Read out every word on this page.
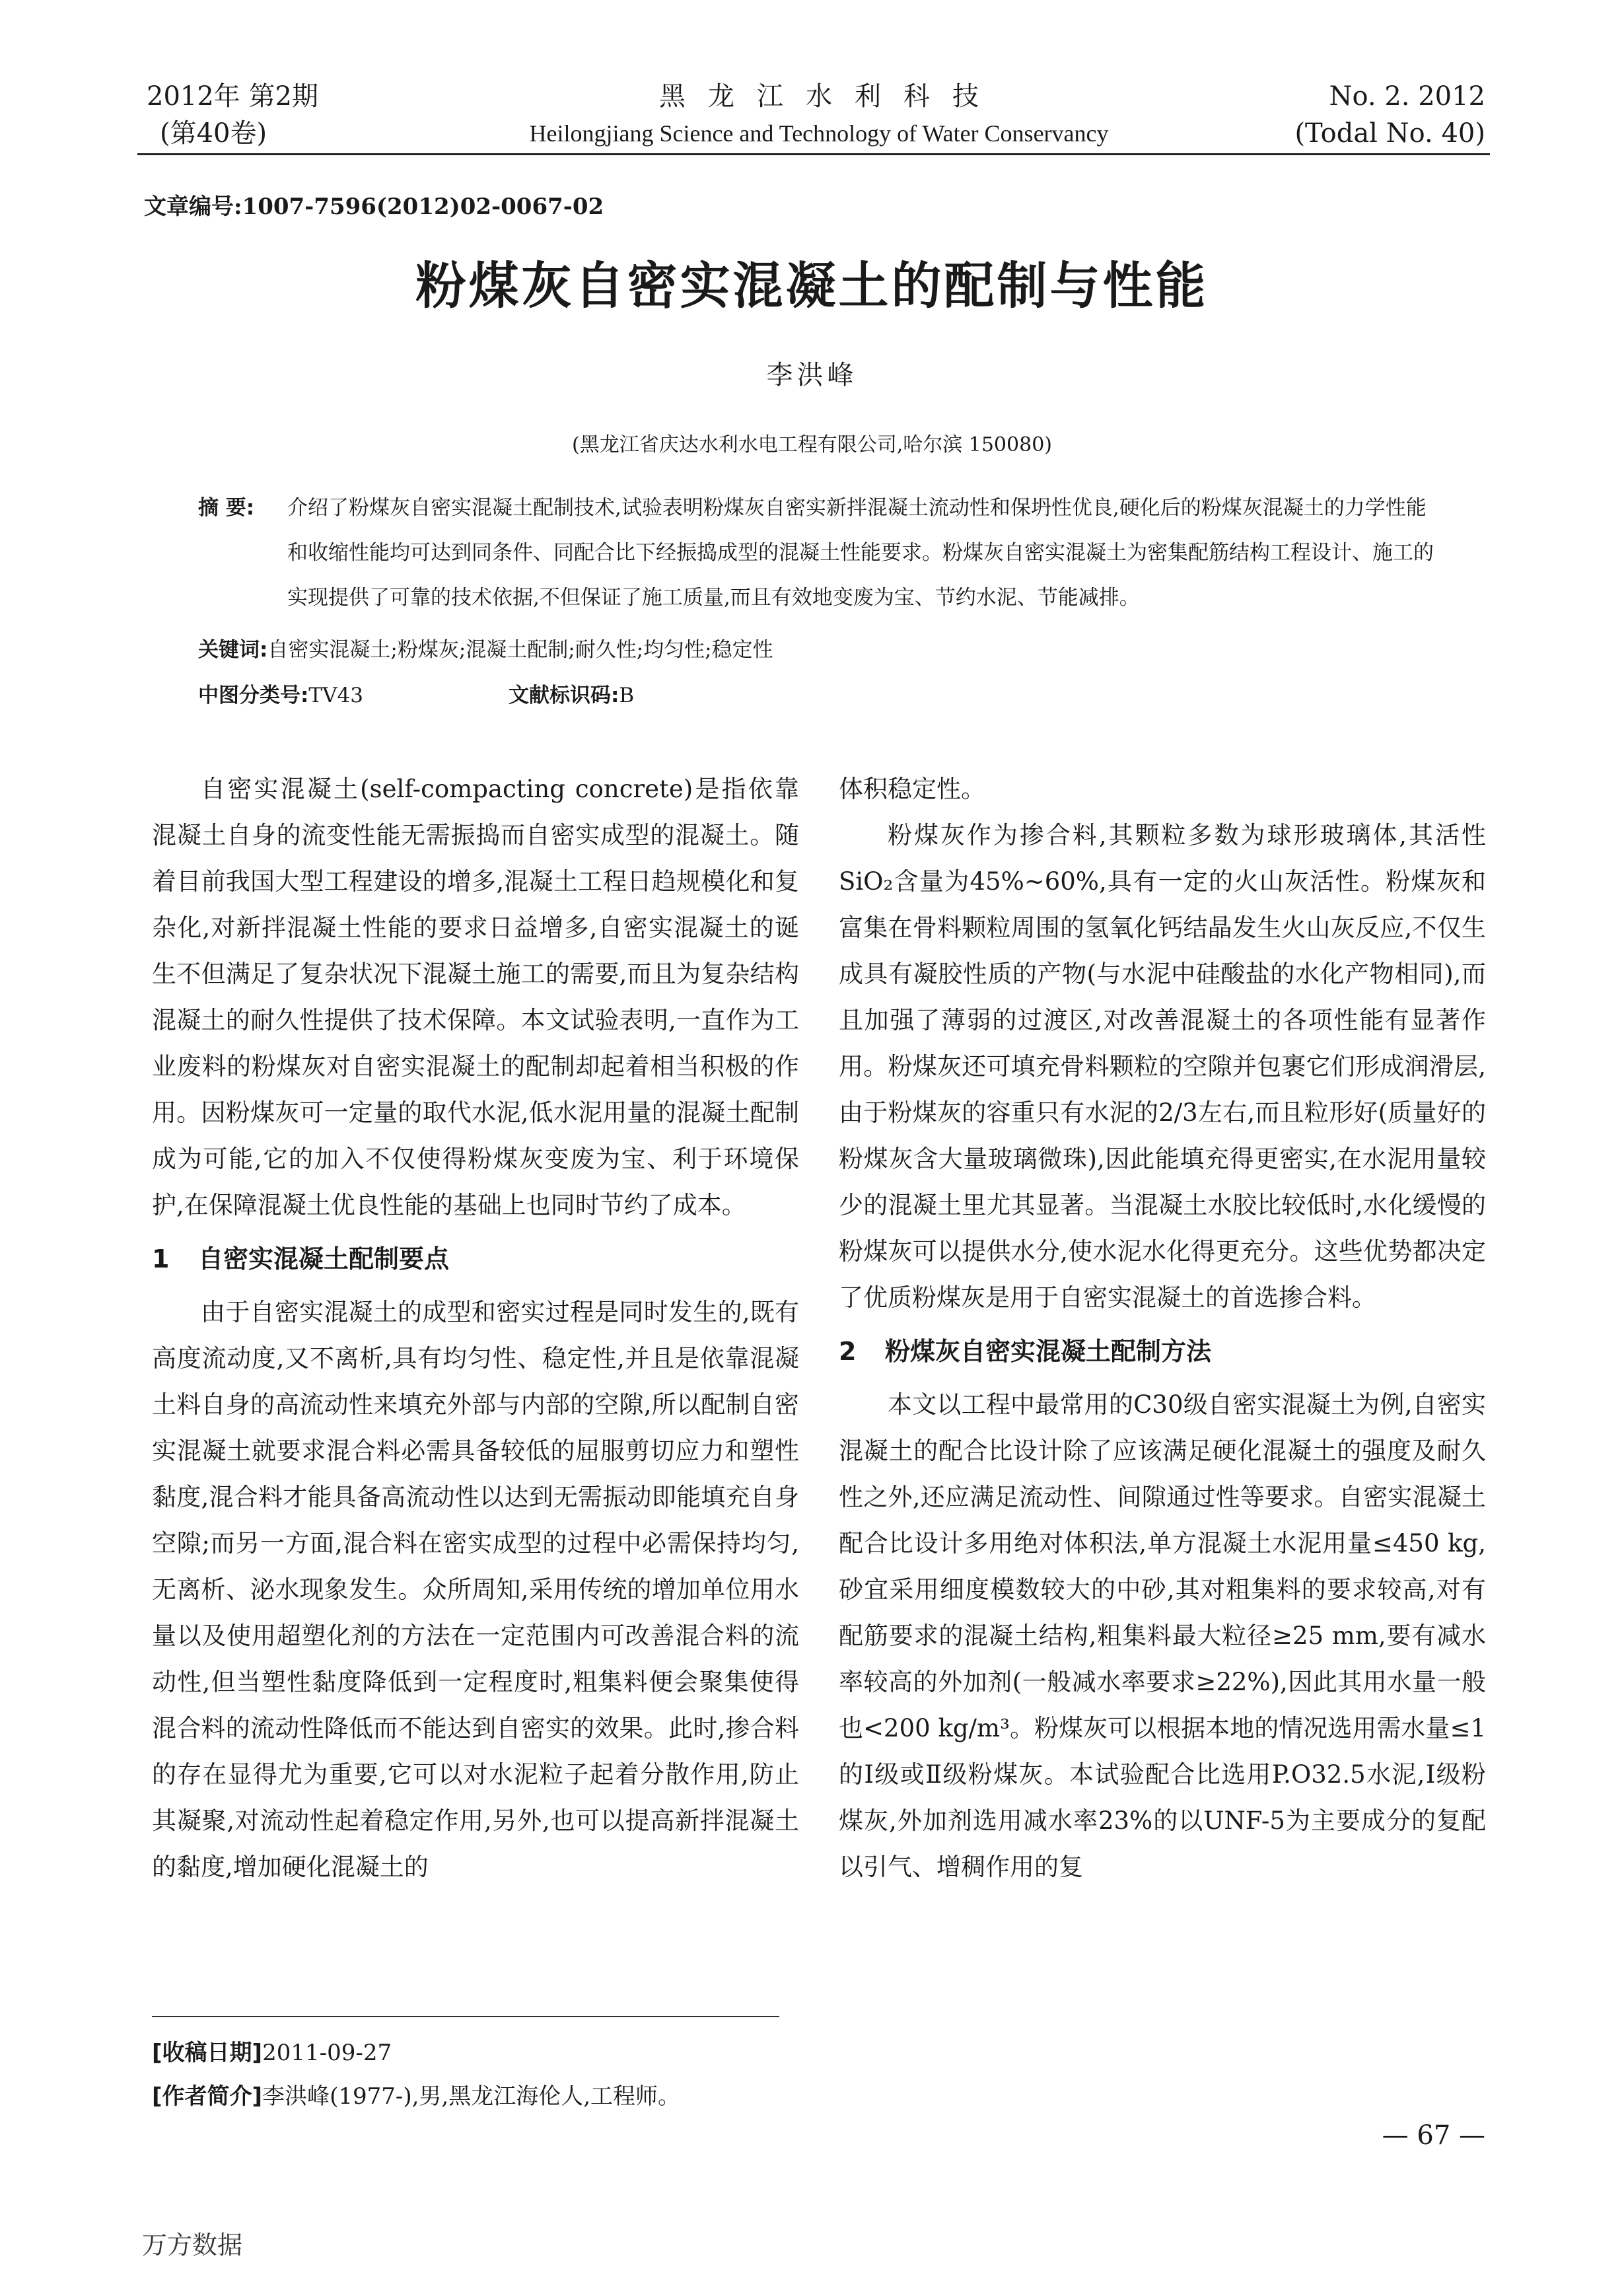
2012年 第2期
(第40卷)
黑龙江水利科技
Heilongjiang Science and Technology of Water Conservancy
No. 2. 2012
(Todal No. 40)
文章编号:1007-7596(2012)02-0067-02
粉煤灰自密实混凝土的配制与性能
李洪峰
(黑龙江省庆达水利水电工程有限公司,哈尔滨 150080)
摘 要: 介绍了粉煤灰自密实混凝土配制技术,试验表明粉煤灰自密实新拌混凝土流动性和保坍性优良,硬化后的粉煤灰混凝土的力学性能和收缩性能均可达到同条件、同配合比下经振捣成型的混凝土性能要求。粉煤灰自密实混凝土为密集配筋结构工程设计、施工的实现提供了可靠的技术依据,不但保证了施工质量,而且有效地变废为宝、节约水泥、节能减排。
关键词:自密实混凝土;粉煤灰;混凝土配制;耐久性;均匀性;稳定性
中图分类号:TV43	文献标识码:B

自密实混凝土(self-compacting concrete)是指依靠混凝土自身的流变性能无需振捣而自密实成型的混凝土。随着目前我国大型工程建设的增多,混凝土工程日趋规模化和复杂化,对新拌混凝土性能的要求日益增多,自密实混凝土的诞生不但满足了复杂状况下混凝土施工的需要,而且为复杂结构混凝土的耐久性提供了技术保障。本文试验表明,一直作为工业废料的粉煤灰对自密实混凝土的配制却起着相当积极的作用。因粉煤灰可一定量的取代水泥,低水泥用量的混凝土配制成为可能,它的加入不仅使得粉煤灰变废为宝、利于环境保护,在保障混凝土优良性能的基础上也同时节约了成本。

1 自密实混凝土配制要点

由于自密实混凝土的成型和密实过程是同时发生的,既有高度流动度,又不离析,具有均匀性、稳定性,并且是依靠混凝土料自身的高流动性来填充外部与内部的空隙,所以配制自密实混凝土就要求混合料必需具备较低的屈服剪切应力和塑性黏度,混合料才能具备高流动性以达到无需振动即能填充自身空隙;而另一方面,混合料在密实成型的过程中必需保持均匀,无离析、泌水现象发生。众所周知,采用传统的增加单位用水量以及使用超塑化剂的方法在一定范围内可改善混合料的流动性,但当塑性黏度降低到一定程度时,粗集料便会聚集使得混合料的流动性降低而不能达到自密实的效果。此时,掺合料的存在显得尤为重要,它可以对水泥粒子起着分散作用,防止其凝聚,对流动性起着稳定作用,另外,也可以提高新拌混凝土的黏度,增加硬化混凝土的

体积稳定性。

粉煤灰作为掺合料,其颗粒多数为球形玻璃体,其活性SiO₂含量为45%~60%,具有一定的火山灰活性。粉煤灰和富集在骨料颗粒周围的氢氧化钙结晶发生火山灰反应,不仅生成具有凝胶性质的产物(与水泥中硅酸盐的水化产物相同),而且加强了薄弱的过渡区,对改善混凝土的各项性能有显著作用。粉煤灰还可填充骨料颗粒的空隙并包裹它们形成润滑层,由于粉煤灰的容重只有水泥的2/3左右,而且粒形好(质量好的粉煤灰含大量玻璃微珠),因此能填充得更密实,在水泥用量较少的混凝土里尤其显著。当混凝土水胶比较低时,水化缓慢的粉煤灰可以提供水分,使水泥水化得更充分。这些优势都决定了优质粉煤灰是用于自密实混凝土的首选掺合料。

2 粉煤灰自密实混凝土配制方法

本文以工程中最常用的C30级自密实混凝土为例,自密实混凝土的配合比设计除了应该满足硬化混凝土的强度及耐久性之外,还应满足流动性、间隙通过性等要求。自密实混凝土配合比设计多用绝对体积法,单方混凝土水泥用量≤450 kg,砂宜采用细度模数较大的中砂,其对粗集料的要求较高,对有配筋要求的混凝土结构,粗集料最大粒径≥25 mm,要有减水率较高的外加剂(一般减水率要求≥22%),因此其用水量一般也<200 kg/m³。粉煤灰可以根据本地的情况选用需水量≤1的Ⅰ级或Ⅱ级粉煤灰。本试验配合比选用P.O32.5水泥,Ⅰ级粉煤灰,外加剂选用减水率23%的以UNF-5为主要成分的复配以引气、增稠作用的复

[收稿日期]2011-09-27
[作者简介]李洪峰(1977-),男,黑龙江海伦人,工程师。
— 67 —
万方数据
